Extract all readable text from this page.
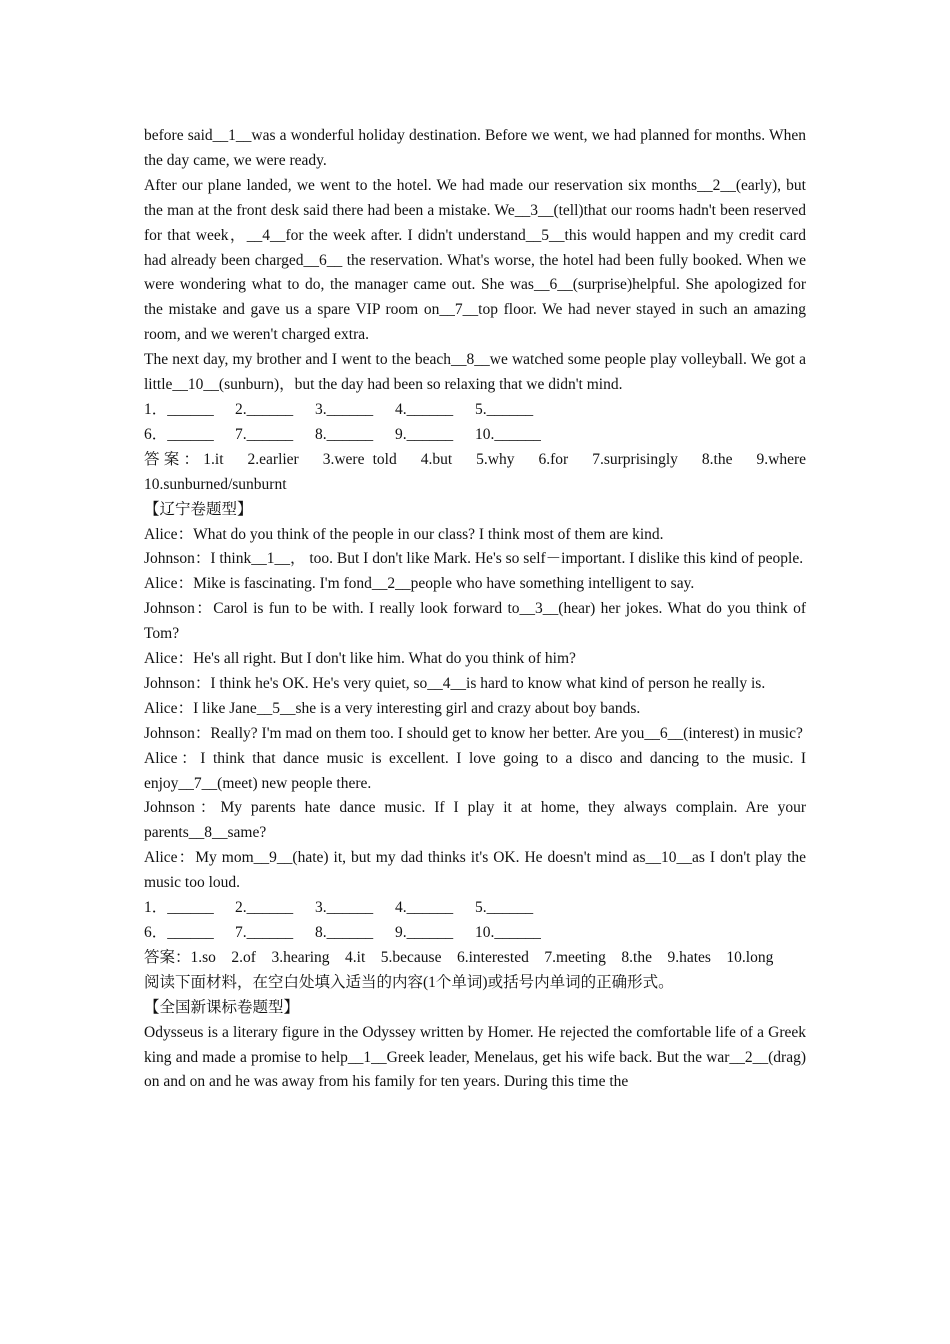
before said__1__was a wonderful holiday destination. Before we went, we had planned for months. When the day came, we were ready.

After our plane landed, we went to the hotel. We had made our reservation six months__2__(early), but the man at the front desk said there had been a mistake. We__3__(tell)that our rooms hadn't been reserved for that week，__4__for the week after. I didn't understand__5__this would happen and my credit card had already been charged__6__ the reservation. What's worse, the hotel had been fully booked. When we were wondering what to do, the manager came out. She was__6__(surprise)helpful. She apologized for the mistake and gave us a spare VIP room on__7__top floor. We had never stayed in such an amazing room, and we weren't charged extra.

The next day, my brother and I went to the beach__8__we watched some people play volleyball. We got a little__10__(sunburn)，but the day had been so relaxing that we didn't mind.

1．______	2.______	3.______	4.______	5.______
6．______	7.______	8.______	9.______	10.______

答案：1.it　2.earlier　3.were told　4.but　5.why　6.for　7.surprisingly　8.the　9.where　10.sunburned/sunburnt

【辽宁卷题型】

Alice：What do you think of the people in our class? I think most of them are kind.

Johnson：I think__1__， too. But I don't like Mark. He's so self－important. I dislike this kind of people.

Alice：Mike is fascinating. I'm fond__2__people who have something intelligent to say.

Johnson：Carol is fun to be with. I really look forward to__3__(hear) her jokes. What do you think of Tom?

Alice：He's all right. But I don't like him. What do you think of him?

Johnson：I think he's OK. He's very quiet, so__4__is hard to know what kind of person he really is.

Alice：I like Jane__5__she is a very interesting girl and crazy about boy bands.

Johnson：Really? I'm mad on them too. I should get to know her better. Are you__6__(interest) in music?

Alice：I think that dance music is excellent. I love going to a disco and dancing to the music. I enjoy__7__(meet) new people there.

Johnson：My parents hate dance music. If I play it at home, they always complain. Are your parents__8__same?

Alice：My mom__9__(hate) it, but my dad thinks it's OK. He doesn't mind as__10__as I don't play the music too loud.

1．______	2.______	3.______	4.______	5.______
6．______	7.______	8.______	9.______	10.______

答案：1.so　2.of　3.hearing　4.it　5.because　6.interested　7.meeting　8.the　9.hates　10.long

阅读下面材料，在空白处填入适当的内容(1个单词)或括号内单词的正确形式。

【全国新课标卷题型】

Odysseus is a literary figure in the Odyssey written by Homer. He rejected the comfortable life of a Greek king and made a promise to help__1__Greek leader, Menelaus, get his wife back. But the war__2__(drag) on and on and he was away from his family for ten years. During this time the
